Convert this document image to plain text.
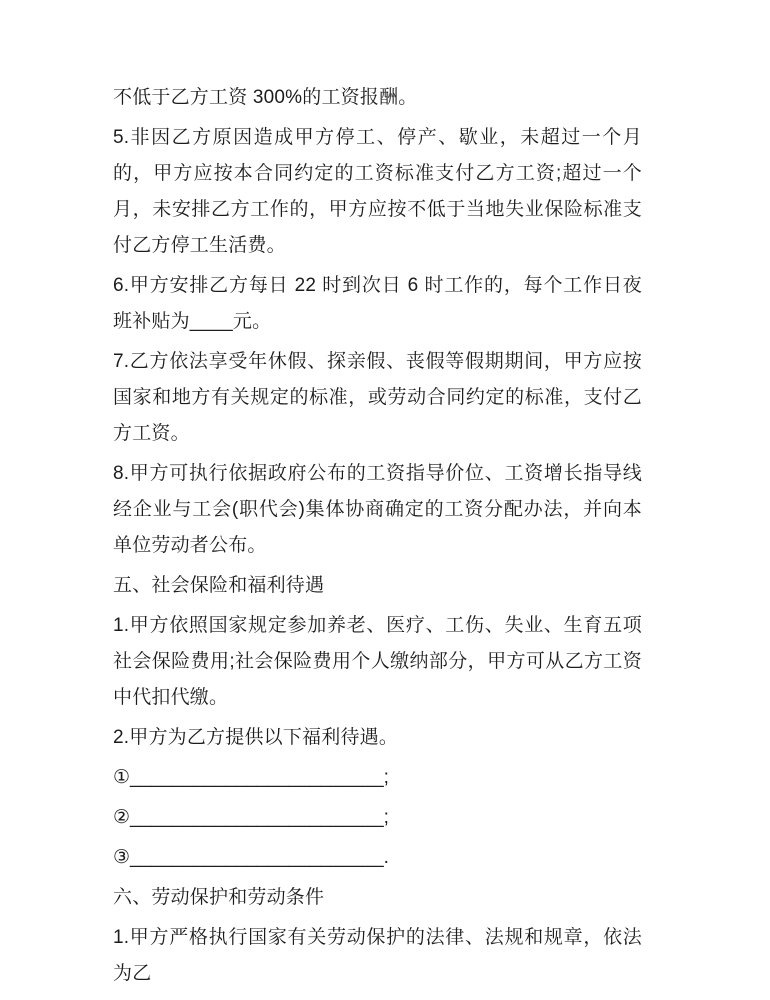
不低于乙方工资 300%的工资报酬。

5.非因乙方原因造成甲方停工、停产、歇业，未超过一个月的，甲方应按本合同约定的工资标准支付乙方工资;超过一个月，未安排乙方工作的，甲方应按不低于当地失业保险标准支付乙方停工生活费。

6.甲方安排乙方每日 22 时到次日 6 时工作的，每个工作日夜班补贴为____元。

7.乙方依法享受年休假、探亲假、丧假等假期期间，甲方应按国家和地方有关规定的标准，或劳动合同约定的标准，支付乙方工资。

8.甲方可执行依据政府公布的工资指导价位、工资增长指导线经企业与工会(职代会)集体协商确定的工资分配办法，并向本单位劳动者公布。

五、社会保险和福利待遇

1.甲方依照国家规定参加养老、医疗、工伤、失业、生育五项社会保险费用;社会保险费用个人缴纳部分，甲方可从乙方工资中代扣代缴。

2.甲方为乙方提供以下福利待遇。

①________________________;

②________________________;

③________________________.

六、劳动保护和劳动条件

1.甲方严格执行国家有关劳动保护的法律、法规和规章，依法为乙
